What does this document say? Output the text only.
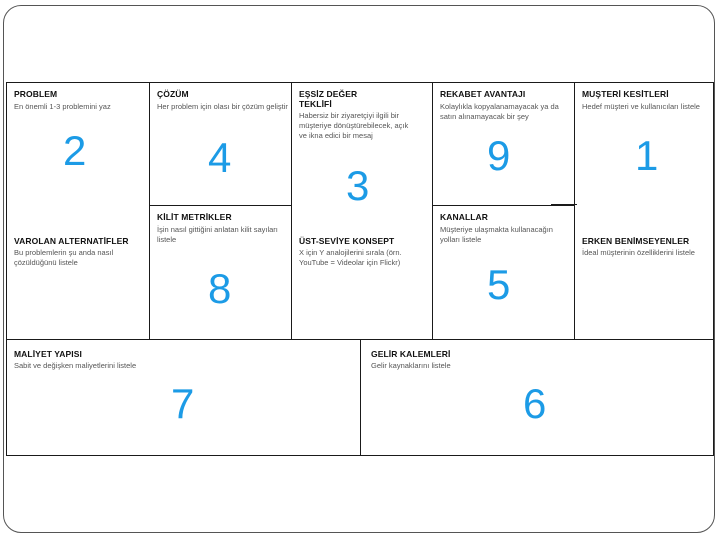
PROBLEM
En önemli 1-3 problemini yaz
2
VAROLAN ALTERNATİFLER
Bu problemlerin şu anda nasıl çözüldüğünü listele
ÇÖZÜM
Her problem için olası bir çözüm geliştir
4
KİLİT METRİKLER
İşin nasıl gittiğini anlatan kilit sayıları listele
8
EŞSİZ DEĞER TEKLİFİ
Habersiz bir ziyaretçiyi ilgili bir müşteriye dönüştürebilecek, açık ve ikna edici bir mesaj
3
ÜST-SEVİYE KONSEPT
X için Y analojilerini sırala (örn. YouTube = Videolar için Flickr)
REKABET AVANTAJI
Kolaylıkla kopyalanamayacak ya da satın alınamayacak bir şey
9
KANALLAR
Müşteriye ulaşmakta kullanacağın yolları listele
5
MUŞTERİ KESİTLERİ
Hedef müşteri ve kullanıcıları listele
1
ERKEN BENİMSEYENLER
İdeal müşterinin özelliklerini listele
MALİYET YAPISI
Sabit ve değişken maliyetlerini listele
7
GELİR KALEMLERİ
Gelir kaynaklarını listele
6
